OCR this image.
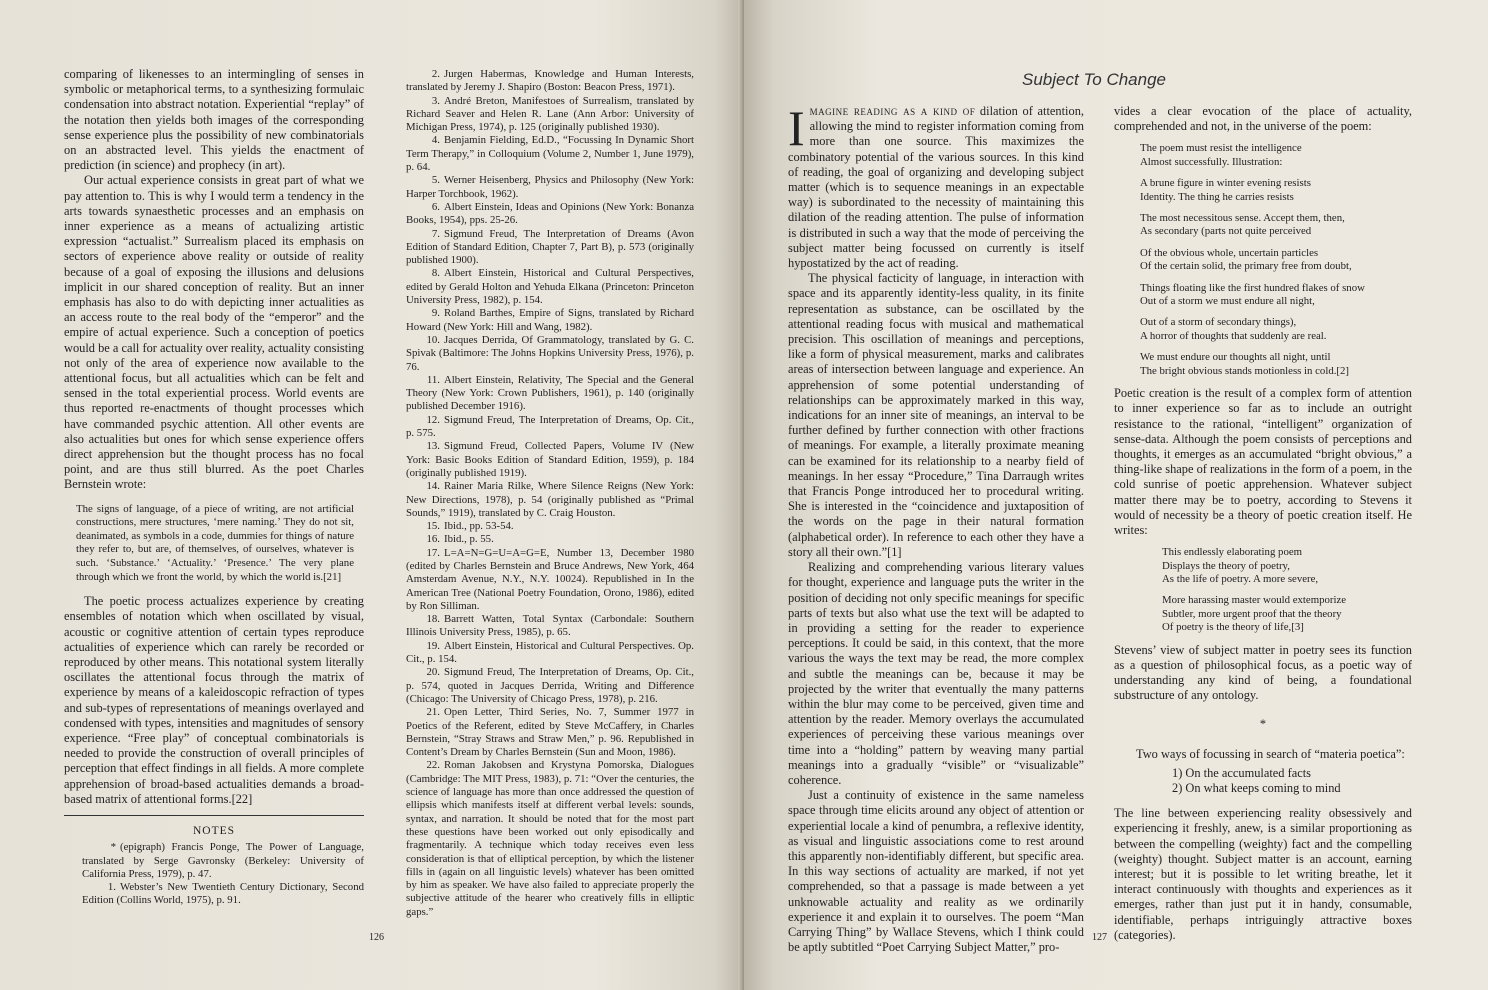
comparing of likenesses to an intermingling of senses in symbolic or metaphorical terms, to a synthesizing formulaic condensation into abstract notation. Experiential “replay” of the notation then yields both images of the corresponding sense experience plus the possibility of new combinatorials on an abstracted level. This yields the enactment of prediction (in science) and prophecy (in art).

Our actual experience consists in great part of what we pay attention to. This is why I would term a tendency in the arts towards synaesthetic processes and an emphasis on inner experience as a means of actualizing artistic expression “actualist.” Surrealism placed its emphasis on sectors of experience above reality or outside of reality because of a goal of exposing the illusions and delusions implicit in our shared conception of reality. But an inner emphasis has also to do with depicting inner actualities as an access route to the real body of the “emperor” and the empire of actual experience. Such a conception of poetics would be a call for actuality over reality, actuality consisting not only of the area of experience now available to the attentional focus, but all actualities which can be felt and sensed in the total experiential process. World events are thus reported re-enactments of thought processes which have commanded psychic attention. All other events are also actualities but ones for which sense experience offers direct apprehension but the thought process has no focal point, and are thus still blurred. As the poet Charles Bernstein wrote:

The signs of language, of a piece of writing, are not artificial constructions, mere structures, ‘mere naming.’ They do not sit, deanimated, as symbols in a code, dummies for things of nature they refer to, but are, of themselves, of ourselves, whatever is such. ‘Substance.’ ‘Actuality.’ ‘Presence.’ The very plane through which we front the world, by which the world is.[21]

The poetic process actualizes experience by creating ensembles of notation which when oscillated by visual, acoustic or cognitive attention of certain types reproduce actualities of experience which can rarely be recorded or reproduced by other means. This notational system literally oscillates the attentional focus through the matrix of experience by means of a kaleidoscopic refraction of types and sub-types of representations of meanings overlayed and condensed with types, intensities and magnitudes of sensory experience. “Free play” of conceptual combinatorials is needed to provide the construction of overall principles of perception that effect findings in all fields. A more complete apprehension of broad-based actualities demands a broad-based matrix of attentional forms.[22]

NOTES

* (epigraph) Francis Ponge, The Power of Language, translated by Serge Gavronsky (Berkeley: University of California Press, 1979), p. 47.

1. Webster’s New Twentieth Century Dictionary, Second Edition (Collins World, 1975), p. 91.

2. Jurgen Habermas, Knowledge and Human Interests, translated by Jeremy J. Shapiro (Boston: Beacon Press, 1971).

3. André Breton, Manifestoes of Surrealism, translated by Richard Seaver and Helen R. Lane (Ann Arbor: University of Michigan Press, 1974), p. 125 (originally published 1930).

4. Benjamin Fielding, Ed.D., “Focussing In Dynamic Short Term Therapy,” in Colloquium (Volume 2, Number 1, June 1979), p. 64.

5. Werner Heisenberg, Physics and Philosophy (New York: Harper Torchbook, 1962).

6. Albert Einstein, Ideas and Opinions (New York: Bonanza Books, 1954), pps. 25-26.

7. Sigmund Freud, The Interpretation of Dreams (Avon Edition of Standard Edition, Chapter 7, Part B), p. 573 (originally published 1900).

8. Albert Einstein, Historical and Cultural Perspectives, edited by Gerald Holton and Yehuda Elkana (Princeton: Princeton University Press, 1982), p. 154.

9. Roland Barthes, Empire of Signs, translated by Richard Howard (New York: Hill and Wang, 1982).

10. Jacques Derrida, Of Grammatology, translated by G. C. Spivak (Baltimore: The Johns Hopkins University Press, 1976), p. 76.

11. Albert Einstein, Relativity, The Special and the General Theory (New York: Crown Publishers, 1961), p. 140 (originally published December 1916).

12. Sigmund Freud, The Interpretation of Dreams, Op. Cit., p. 575.

13. Sigmund Freud, Collected Papers, Volume IV (New York: Basic Books Edition of Standard Edition, 1959), p. 184 (originally published 1919).

14. Rainer Maria Rilke, Where Silence Reigns (New York: New Directions, 1978), p. 54 (originally published as “Primal Sounds,” 1919), translated by C. Craig Houston.

15. Ibid., pp. 53-54.

16. Ibid., p. 55.

17. L=A=N=G=U=A=G=E, Number 13, December 1980 (edited by Charles Bernstein and Bruce Andrews, New York, 464 Amsterdam Avenue, N.Y., N.Y. 10024). Republished in In the American Tree (National Poetry Foundation, Orono, 1986), edited by Ron Silliman.

18. Barrett Watten, Total Syntax (Carbondale: Southern Illinois University Press, 1985), p. 65.

19. Albert Einstein, Historical and Cultural Perspectives. Op. Cit., p. 154.

20. Sigmund Freud, The Interpretation of Dreams, Op. Cit., p. 574, quoted in Jacques Derrida, Writing and Difference (Chicago: The University of Chicago Press, 1978), p. 216.

21. Open Letter, Third Series, No. 7, Summer 1977 in Poetics of the Referent, edited by Steve McCaffery, in Charles Bernstein, “Stray Straws and Straw Men,” p. 96. Republished in Content’s Dream by Charles Bernstein (Sun and Moon, 1986).

22. Roman Jakobsen and Krystyna Pomorska, Dialogues (Cambridge: The MIT Press, 1983), p. 71: “Over the centuries, the science of language has more than once addressed the question of ellipsis which manifests itself at different verbal levels: sounds, syntax, and narration. It should be noted that for the most part these questions have been worked out only episodically and fragmentarily. A technique which today receives even less consideration is that of elliptical perception, by which the listener fills in (again on all linguistic levels) whatever has been omitted by him as speaker. We have also failed to appreciate properly the subjective attitude of the hearer who creatively fills in elliptic gaps.”

126
Subject To Change

Imagine reading as a kind of dilation of attention, allowing the mind to register information coming from more than one source. This maximizes the combinatory potential of the various sources. In this kind of reading, the goal of organizing and developing subject matter (which is to sequence meanings in an expectable way) is subordinated to the necessity of maintaining this dilation of the reading attention. The pulse of information is distributed in such a way that the mode of perceiving the subject matter being focussed on currently is itself hypostatized by the act of reading.

The physical facticity of language, in interaction with space and its apparently identity-less quality, in its finite representation as substance, can be oscillated by the attentional reading focus with musical and mathematical precision. This oscillation of meanings and perceptions, like a form of physical measurement, marks and calibrates areas of intersection between language and experience. An apprehension of some potential understanding of relationships can be approximately marked in this way, indications for an inner site of meanings, an interval to be further defined by further connection with other fractions of meanings. For example, a literally proximate meaning can be examined for its relationship to a nearby field of meanings. In her essay “Procedure,” Tina Darraugh writes that Francis Ponge introduced her to procedural writing. She is interested in the “coincidence and juxtaposition of the words on the page in their natural formation (alphabetical order). In reference to each other they have a story all their own.”[1]

Realizing and comprehending various literary values for thought, experience and language puts the writer in the position of deciding not only specific meanings for specific parts of texts but also what use the text will be adapted to in providing a setting for the reader to experience perceptions. It could be said, in this context, that the more various the ways the text may be read, the more complex and subtle the meanings can be, because it may be projected by the writer that eventually the many patterns within the blur may come to be perceived, given time and attention by the reader. Memory overlays the accumulated experiences of perceiving these various meanings over time into a “holding” pattern by weaving many partial meanings into a gradually “visible” or “visualizable” coherence.

Just a continuity of existence in the same nameless space through time elicits around any object of attention or experiential locale a kind of penumbra, a reflexive identity, as visual and linguistic associations come to rest around this apparently non-identifiably different, but specific area. In this way sections of actuality are marked, if not yet comprehended, so that a passage is made between a yet unknowable actuality and reality as we ordinarily experience it and explain it to ourselves. The poem “Man Carrying Thing” by Wallace Stevens, which I think could be aptly subtitled “Poet Carrying Subject Matter,” pro-

vides a clear evocation of the place of actuality, comprehended and not, in the universe of the poem:

The poem must resist the intelligence
Almost successfully. Illustration:
A brune figure in winter evening resists
Identity. The thing he carries resists
The most necessitous sense. Accept them, then,
As secondary (parts not quite perceived
Of the obvious whole, uncertain particles
Of the certain solid, the primary free from doubt,
Things floating like the first hundred flakes of snow
Out of a storm we must endure all night,
Out of a storm of secondary things),
A horror of thoughts that suddenly are real.
We must endure our thoughts all night, until
The bright obvious stands motionless in cold.[2]

Poetic creation is the result of a complex form of attention to inner experience so far as to include an outright resistance to the rational, “intelligent” organization of sense-data. Although the poem consists of perceptions and thoughts, it emerges as an accumulated “bright obvious,” a thing-like shape of realizations in the form of a poem, in the cold sunrise of poetic apprehension. Whatever subject matter there may be to poetry, according to Stevens it would of necessity be a theory of poetic creation itself. He writes:

This endlessly elaborating poem
Displays the theory of poetry,
As the life of poetry. A more severe,
More harassing master would extemporize
Subtler, more urgent proof that the theory
Of poetry is the theory of life,[3]

Stevens’ view of subject matter in poetry sees its function as a question of philosophical focus, as a poetic way of understanding any kind of being, a foundational substructure of any ontology.

*

Two ways of focussing in search of “materia poetica”:

1) On the accumulated facts
2) On what keeps coming to mind

The line between experiencing reality obsessively and experiencing it freshly, anew, is a similar proportioning as between the compelling (weighty) fact and the compelling (weighty) thought. Subject matter is an account, earning interest; but it is possible to let writing breathe, let it interact continuously with thoughts and experiences as it emerges, rather than just put it in handy, consumable, identifiable, perhaps intriguingly attractive boxes (categories).

127
